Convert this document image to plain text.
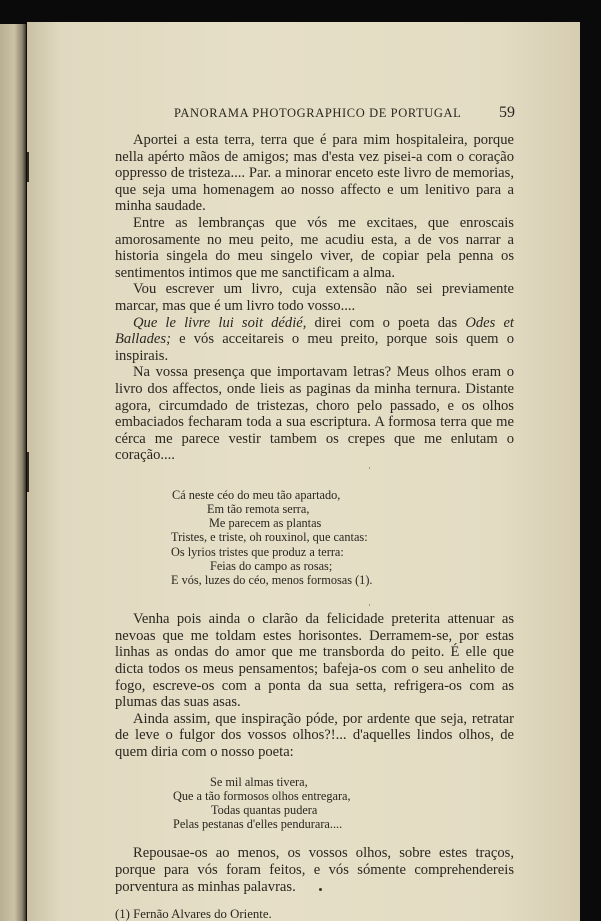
PANORAMA PHOTOGRAPHICO DE PORTUGAL 59

Aportei a esta terra, terra que é para mim hospitaleira, porque nella apérto mãos de amigos; mas d'esta vez pisei-a com o coração oppresso de tristeza.... Par. a minorar enceto este livro de memorias, que seja uma homenagem ao nosso affecto e um lenitivo para a minha saudade.

Entre as lembranças que vós me excitaes, que enroscais amorosamente no meu peito, me acudiu esta, a de vos narrar a historia singela do meu singelo viver, de copiar pela penna os sentimentos intimos que me sanctificam a alma.

Vou escrever um livro, cuja extensão não sei previamente marcar, mas que é um livro todo vosso....

Que le livre lui soit dédié, direi com o poeta das Odes et Ballades; e vós acceitareis o meu preito, porque sois quem o inspirais.

Na vossa presença que importavam letras? Meus olhos eram o livro dos affectos, onde lieis as paginas da minha ternura. Distante agora, circumdado de tristezas, choro pelo passado, e os olhos embaciados fecharam toda a sua escriptura. A formosa terra que me cérca me parece vestir tambem os crepes que me enlutam o coração....

·
Cá neste céo do meu tão apartado,
Em tão remota serra,
Me parecem as plantas
Tristes, e triste, oh rouxinol, que cantas:
Os lyrios tristes que produz a terra:
Feias do campo as rosas;
E vós, luzes do céo, menos formosas (1).
·

Venha pois ainda o clarão da felicidade preterita attenuar as nevoas que me toldam estes horisontes. Derramem-se, por estas linhas as ondas do amor que me transborda do peito. É elle que dicta todos os meus pensamentos; bafeja-os com o seu anhelito de fogo, escreve-os com a ponta da sua setta, refrigera-os com as plumas das suas asas.

Ainda assim, que inspiração póde, por ardente que seja, retratar de leve o fulgor dos vossos olhos?!... d'aquelles lindos olhos, de quem diria com o nosso poeta:

Se mil almas tivera,
Que a tão formosos olhos entregara,
Todas quantas pudera
Pelas pestanas d'elles pendurara....

Repousae-os ao menos, os vossos olhos, sobre estes traços, porque para vós foram feitos, e vós sómente comprehendereis porventura as minhas palavras.

(1) Fernão Alvares do Oriente.
